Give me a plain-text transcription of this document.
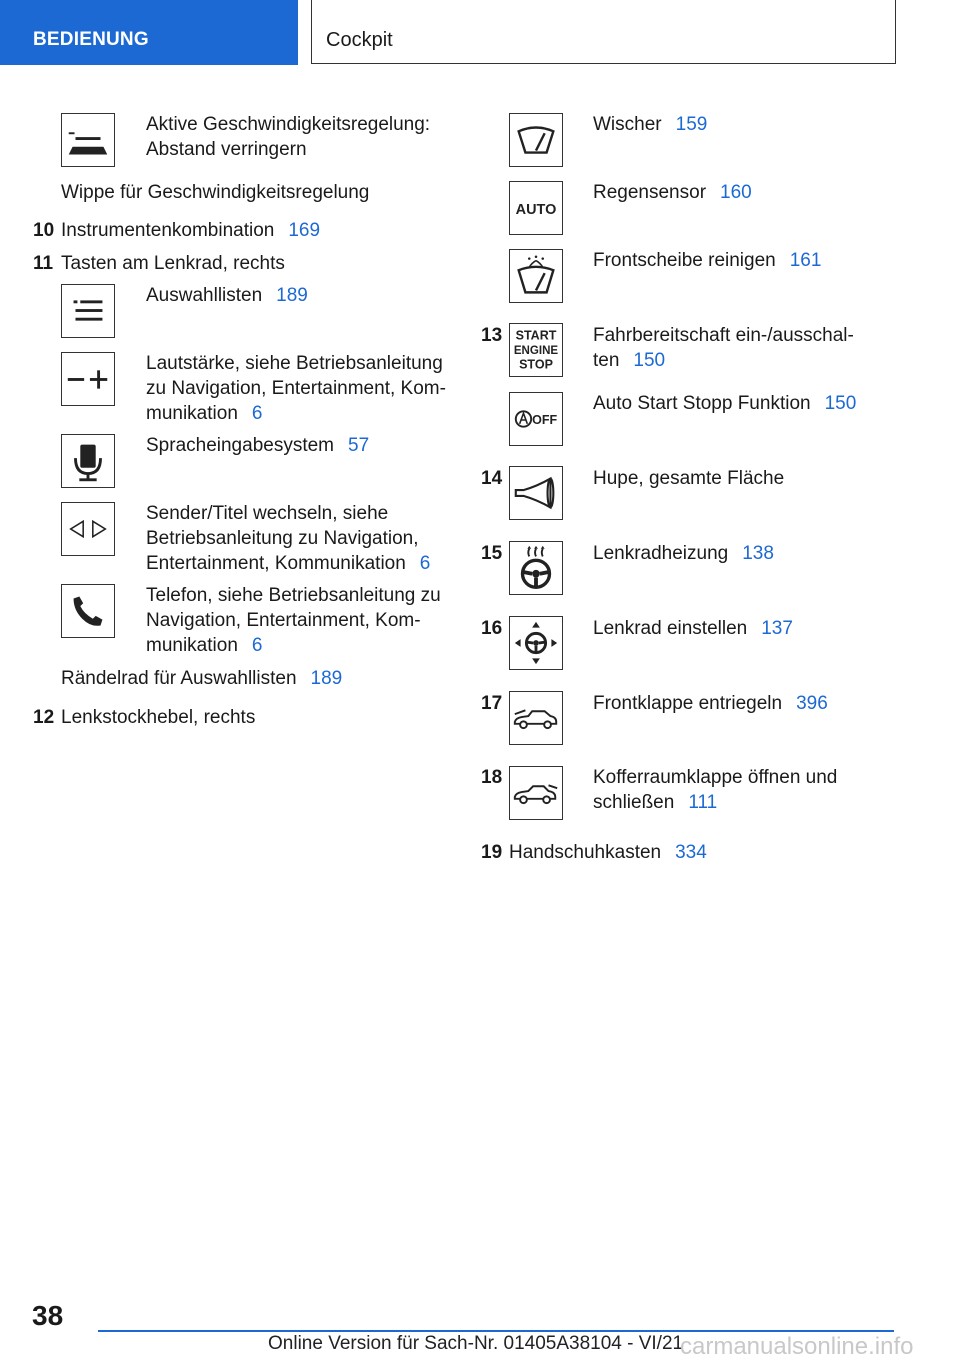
BEDIENUNG	Cockpit
Aktive Geschwindigkeitsregelung:
Abstand verringern
Wippe für Geschwindigkeitsregelung
10 Instrumentenkombination 169
11 Tasten am Lenkrad, rechts
Auswahllisten 189
Lautstärke, siehe Betriebsanleitung
zu Navigation, Entertainment, Kom-
munikation 6
Spracheingabesystem 57
Sender/Titel wechseln, siehe
Betriebsanleitung zu Navigation,
Entertainment, Kommunikation 6
Telefon, siehe Betriebsanleitung zu
Navigation, Entertainment, Kom-
munikation 6
Rändelrad für Auswahllisten 189
12 Lenkstockhebel, rechts
Wischer 159
AUTO
Regensensor 160
Frontscheibe reinigen 161
13 START
ENGINE
STOP
Fahrbereitschaft ein-/ausschal-
ten 150
OFF
Auto Start Stopp Funktion 150
14	Hupe, gesamte Fläche
15	Lenkradheizung 138
16	Lenkrad einstellen 137
17	Frontklappe entriegeln 396
18	Kofferraumklappe öffnen und
schließen 111
19 Handschuhkasten 334
38
Online Version für Sach-Nr. 01405A38104 - VI/21
carmanualsonline.info
